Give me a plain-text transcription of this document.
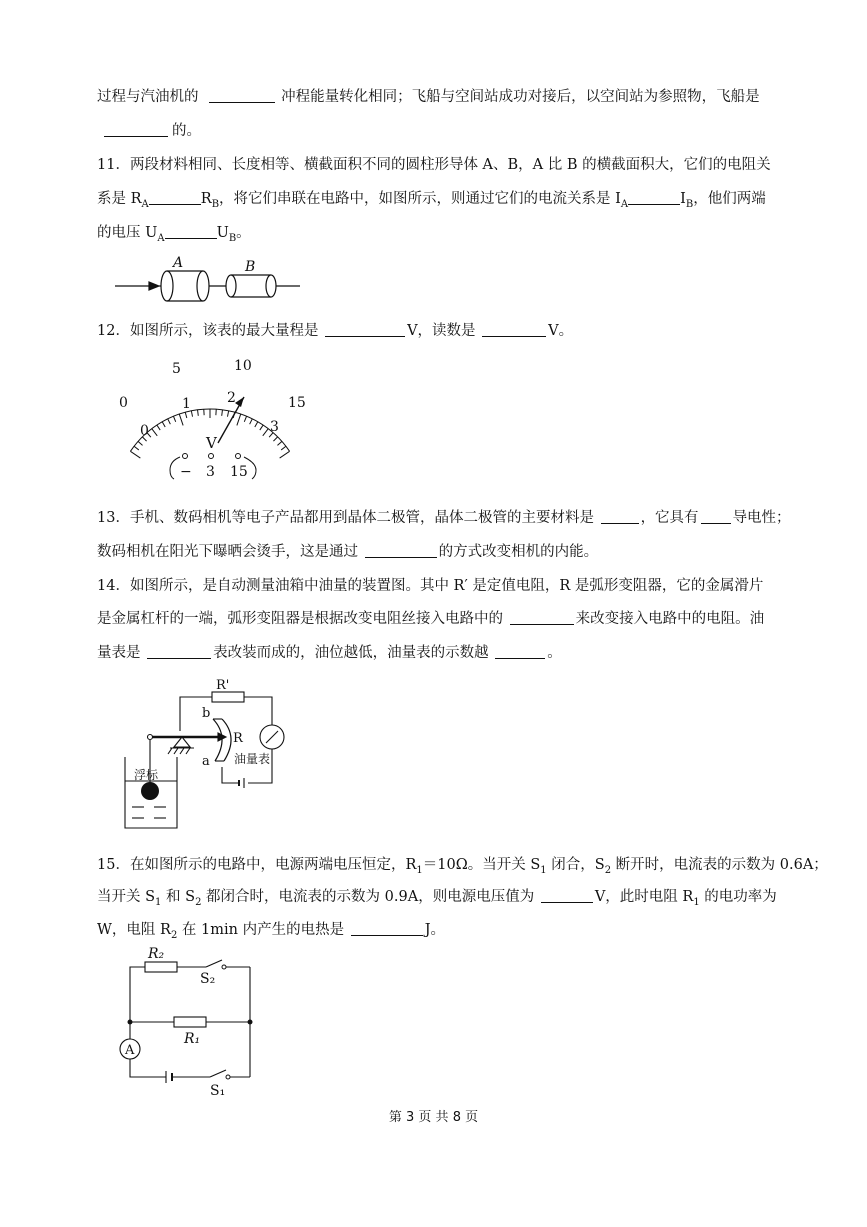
过程与汽油机的	冲程能量转化相同；飞船与空间站成功对接后，以空间站为参照物，飞船是
的。
11．两段材料相同、长度相等、横截面积不同的圆柱形导体 A、B，A 比 B 的横截面积大，它们的电阻关
系是 $R_A$	$R_B$，将它们串联在电路中，如图所示，则通过它们的电流关系是 $I_A$	$I_B$，他们两端
的电压 $U_A$	$U_B$。
A	B
12．如图所示，该表的最大量程是	V，读数是	V。
0
5	10
15
0
1	2
3
V
− 3 15
13．手机、数码相机等电子产品都用到晶体二极管，晶体二极管的主要材料是	，它具有 导电性；
数码相机在阳光下曝晒会烫手，这是通过	的方式改变相机的内能。
14．如图所示，是自动测量油箱中油量的装置图。其中 R′ 是定值电阻，R 是弧形变阻器，它的金属滑片
是金属杠杆的一端，弧形变阻器是根据改变电阻丝接入电路中的	来改变接入电路中的电阻。油
量表是	表改装而成的，油位越低，油量表的示数越	。
R'
b
R
a 油量表
浮标
15．在如图所示的电路中，电源两端电压恒定，$R_1=10\Omega$。当开关 $S_1$ 闭合，$S_2$ 断开时，电流表的示数为 0.6A；
当开关 $S_1$ 和 $S_2$ 都闭合时，电流表的示数为 0.9A，则电源电压值为	V，此时电阻 $R_1$ 的电功率为
W，电阻 $R_2$ 在 1min 内产生的电热是	J。
R₂
S₂
R₁
A
S₁
第 3 页 共 8 页
